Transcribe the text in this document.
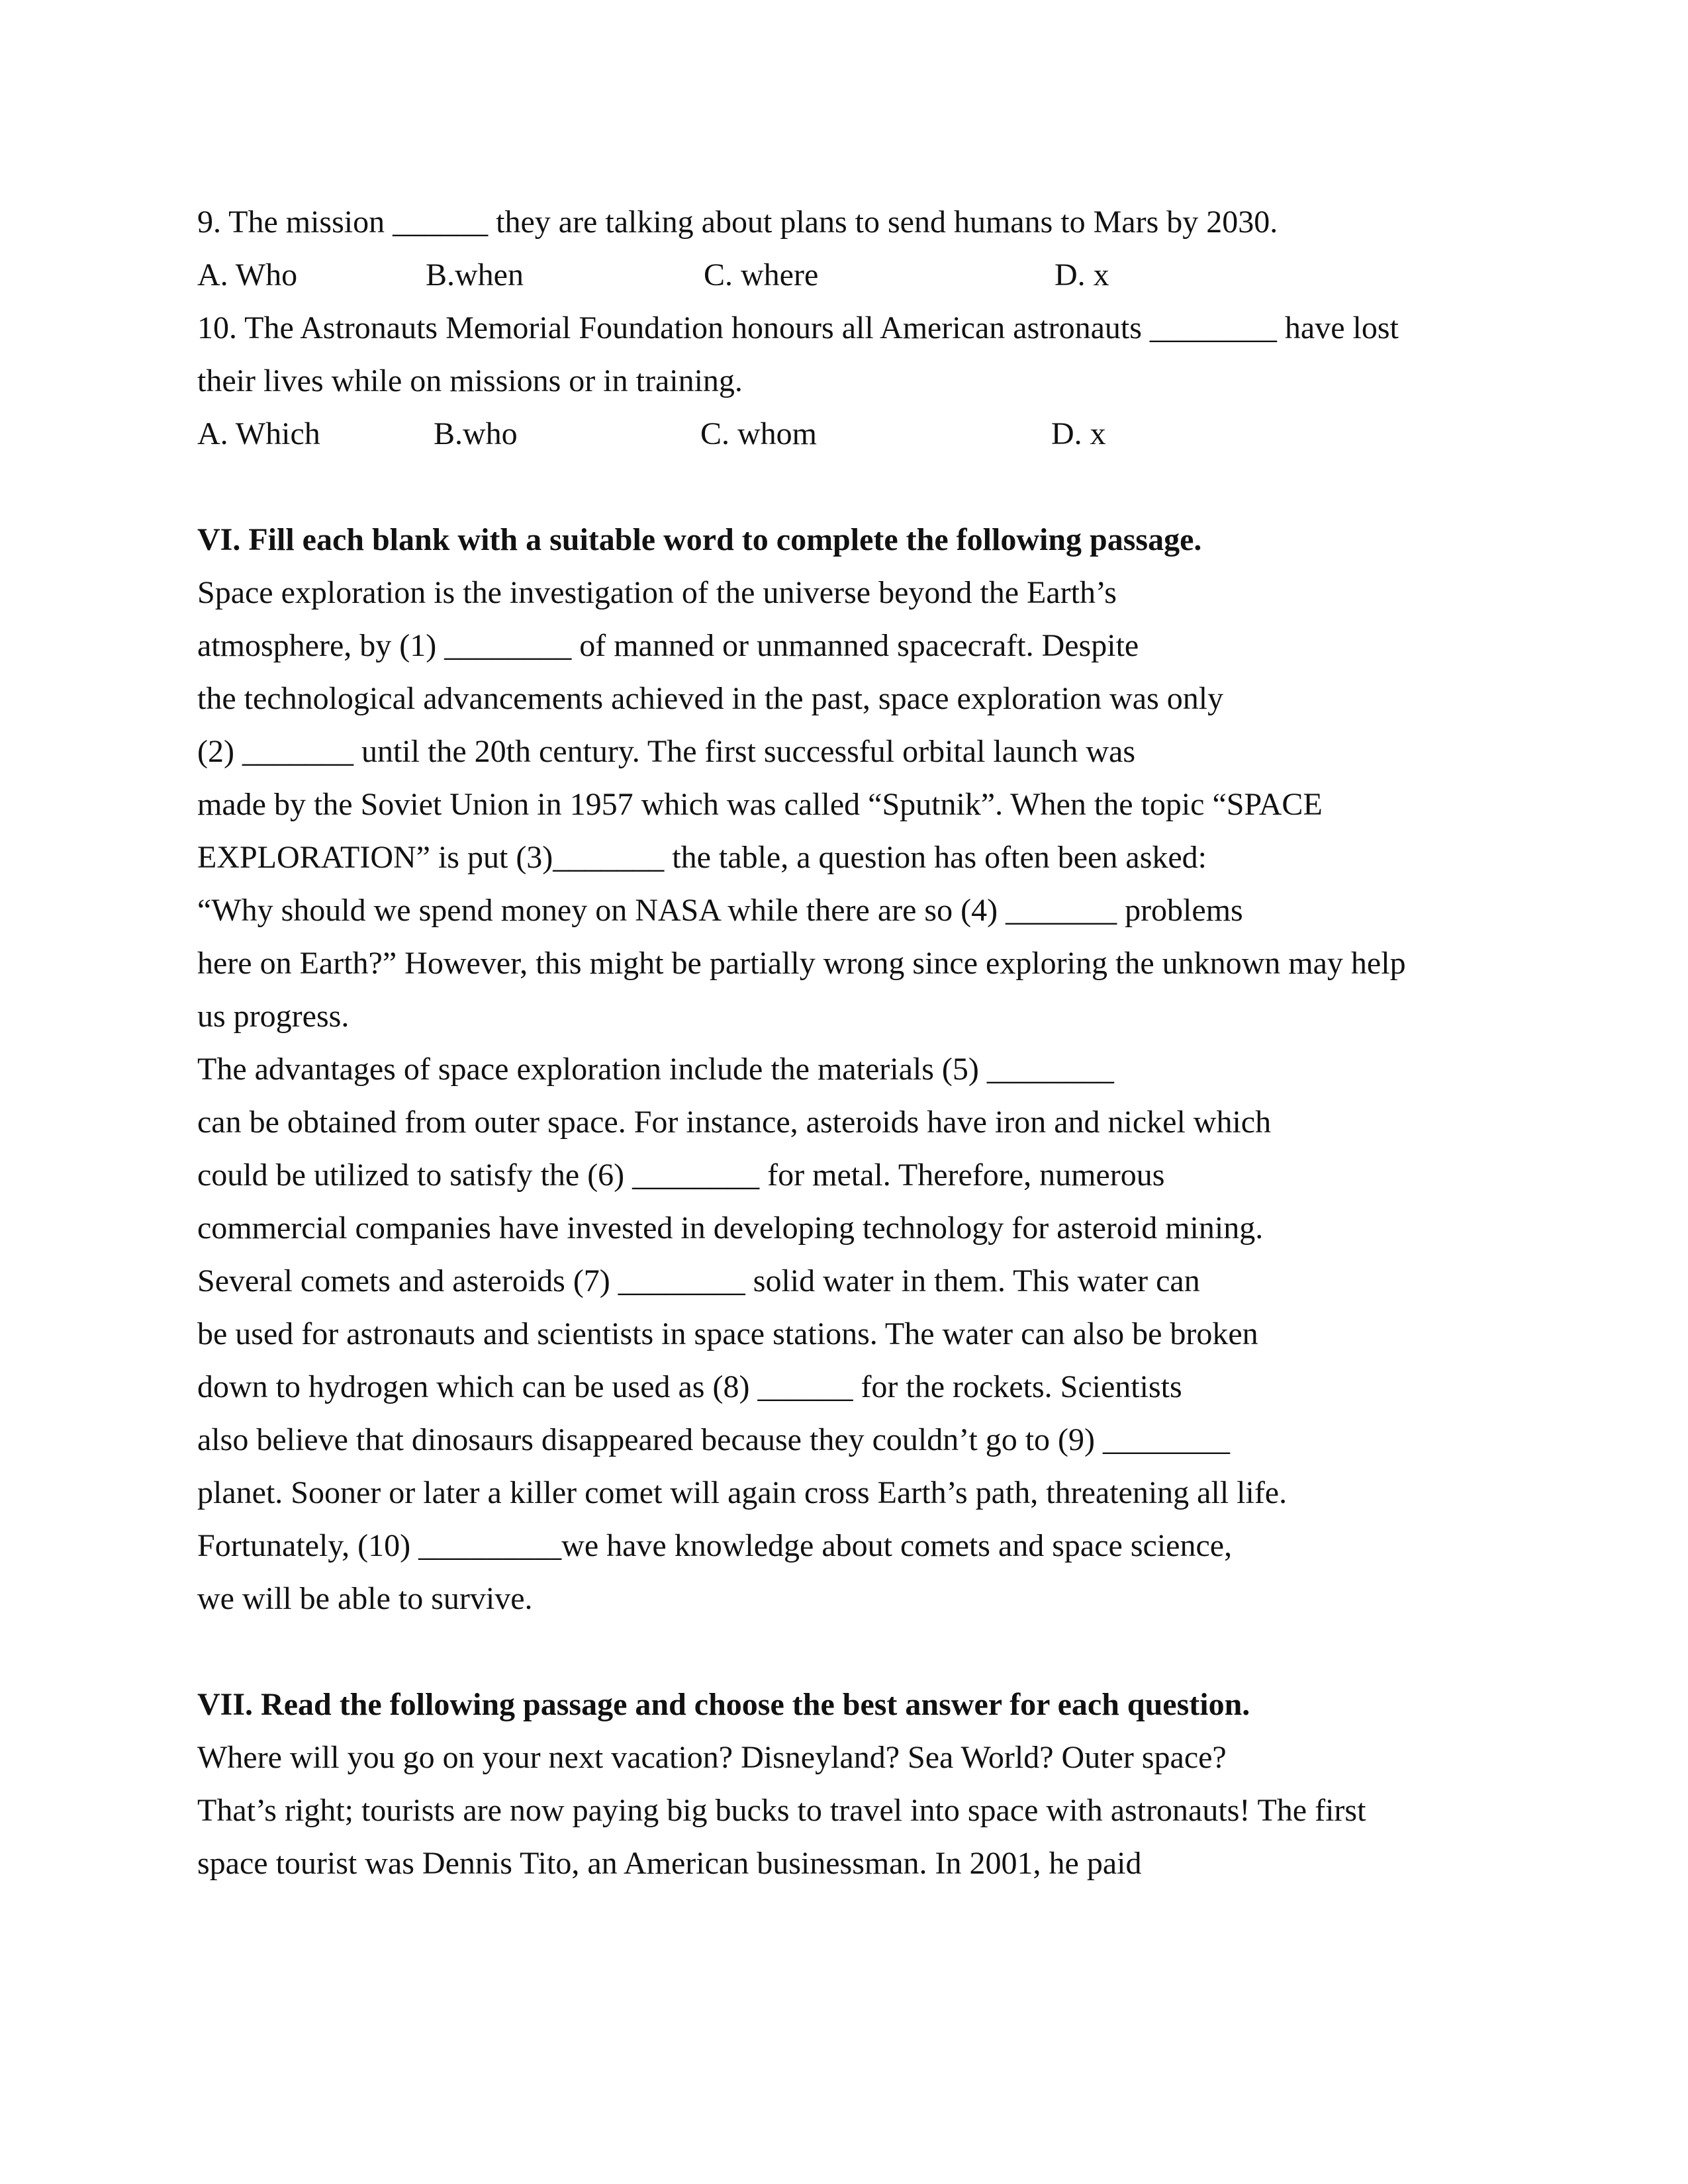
9. The mission ______ they are talking about plans to send humans to Mars by 2030.
A. Who	B.when	C. where	D. x
10. The Astronauts Memorial Foundation honours all American astronauts ________ have lost
their lives while on missions or in training.
A. Which	B.who	C. whom	D. x
VI. Fill each blank with a suitable word to complete the following passage.
Space exploration is the investigation of the universe beyond the Earth’s
atmosphere, by (1) ________ of manned or unmanned spacecraft. Despite
the technological advancements achieved in the past, space exploration was only
(2) _______ until the 20th century. The first successful orbital launch was
made by the Soviet Union in 1957 which was called “Sputnik”. When the topic “SPACE
EXPLORATION” is put (3)_______ the table, a question has often been asked:
“Why should we spend money on NASA while there are so (4) _______ problems
here on Earth?” However, this might be partially wrong since exploring the unknown may help
us progress.
The advantages of space exploration include the materials (5) ________
can be obtained from outer space. For instance, asteroids have iron and nickel which
could be utilized to satisfy the (6) ________ for metal. Therefore, numerous
commercial companies have invested in developing technology for asteroid mining.
Several comets and asteroids (7) ________ solid water in them. This water can
be used for astronauts and scientists in space stations. The water can also be broken
down to hydrogen which can be used as (8) ______ for the rockets. Scientists
also believe that dinosaurs disappeared because they couldn’t go to (9) ________
planet. Sooner or later a killer comet will again cross Earth’s path, threatening all life.
Fortunately, (10) _________we have knowledge about comets and space science,
we will be able to survive.
VII. Read the following passage and choose the best answer for each question.
Where will you go on your next vacation? Disneyland? Sea World? Outer space?
That’s right; tourists are now paying big bucks to travel into space with astronauts! The first
space tourist was Dennis Tito, an American businessman. In 2001, he paid
